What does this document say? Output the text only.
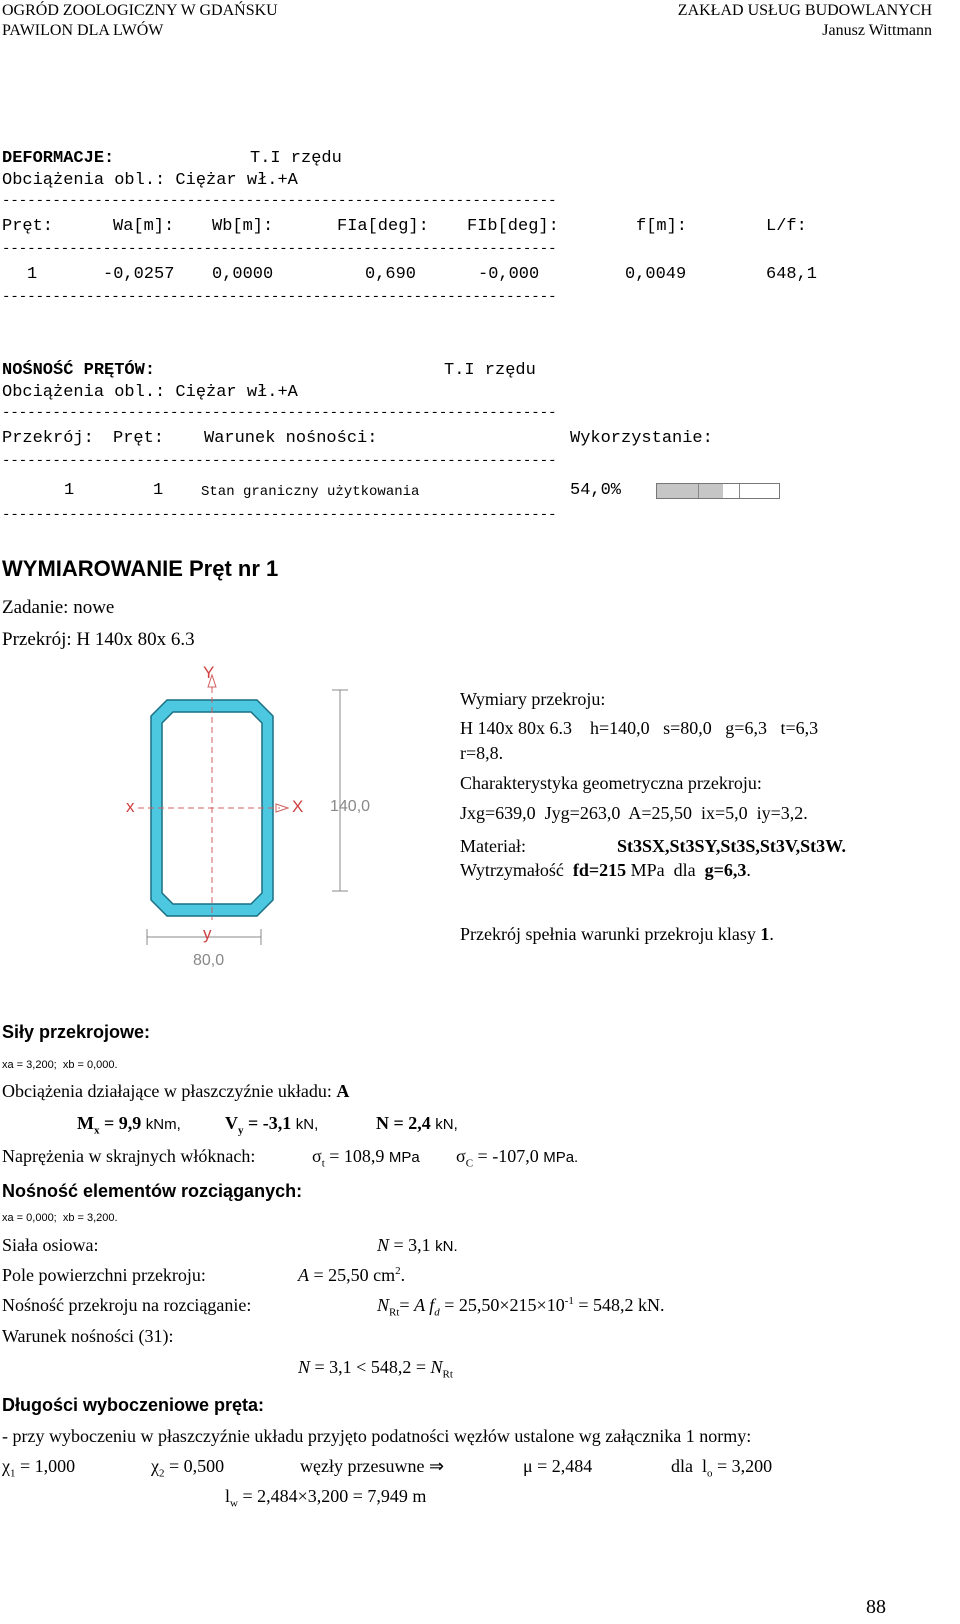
OGRÓD ZOOLOGICZNY W GDAŃSKU
PAWILON DLA LWÓW
ZAKŁAD USŁUG BUDOWLANYCH
Janusz Wittmann
DEFORMACJE:	T.I rzędu
Obciążenia obl.: Ciężar wł.+A
------------------------------------------------------------------
Pręt:	Wa[m]: Wb[m]:	FIa[deg]: FIb[deg]:	f[m]:	L/f:
------------------------------------------------------------------
1	-0,0257 0,0000	0,690	-0,000	0,0049	648,1
------------------------------------------------------------------
NOŚNOŚĆ PRĘTÓW:	T.I rzędu
Obciążenia obl.: Ciężar wł.+A
------------------------------------------------------------------
Przekrój: Pręt: Warunek nośności:	Wykorzystanie:
------------------------------------------------------------------
1	1	Stan graniczny użytkowania	54,0%
------------------------------------------------------------------
WYMIAROWANIE Pręt nr 1
Zadanie: nowe
Przekrój: H 140x 80x 6.3
Y
y
x	X 140,0
80,0
Wymiary przekroju:
H 140x 80x 6.3    h=140,0   s=80,0   g=6,3   t=6,3
r=8,8.
Charakterystyka geometryczna przekroju:
Jxg=639,0  Jyg=263,0  A=25,50  ix=5,0  iy=3,2.
Materiał:	St3SX,St3SY,St3S,St3V,St3W.
Wytrzymałość fd=215 MPa  dla g=6,3.
Przekrój spełnia warunki przekroju klasy 1.
Siły przekrojowe:
xa = 3,200;  xb = 0,000.
Obciążenia działające w płaszczyźnie układu: A
$M_x = 9,9$ kNm, $V_y = -3,1$ kN,	N = 2,4 kN,
Naprężenia w skrajnych włóknach:	$\sigma_t = 108,9$ MPa $\sigma_C = -107,0$ MPa.
Nośność elementów rozciąganych:
xa = 0,000;  xb = 3,200.
Siała osiowa:	N = 3,1 kN.
Pole powierzchni przekroju:	A = 25,50 $cm^2$.
Nośność przekroju na rozciąganie:	$N_{Rt}= A$ $f_d = 25,50\times 215\times 10^{-1} = 548,2$ kN.
Warunek nośności (31):
$N = 3,1 < 548,2 = N_{Rt}$
Długości wyboczeniowe pręta:
- przy wyboczeniu w płaszczyźnie układu przyjęto podatności węzłów ustalone wg załącznika 1 normy:
$\chi_1 = 1,000$	$\chi_2 = 0,500$	węzły przesuwne ⇒	μ = 2,484	dla  $l_o = 3,200$
$l_w = 2,484\times 3,200 = 7,949$ m
88
